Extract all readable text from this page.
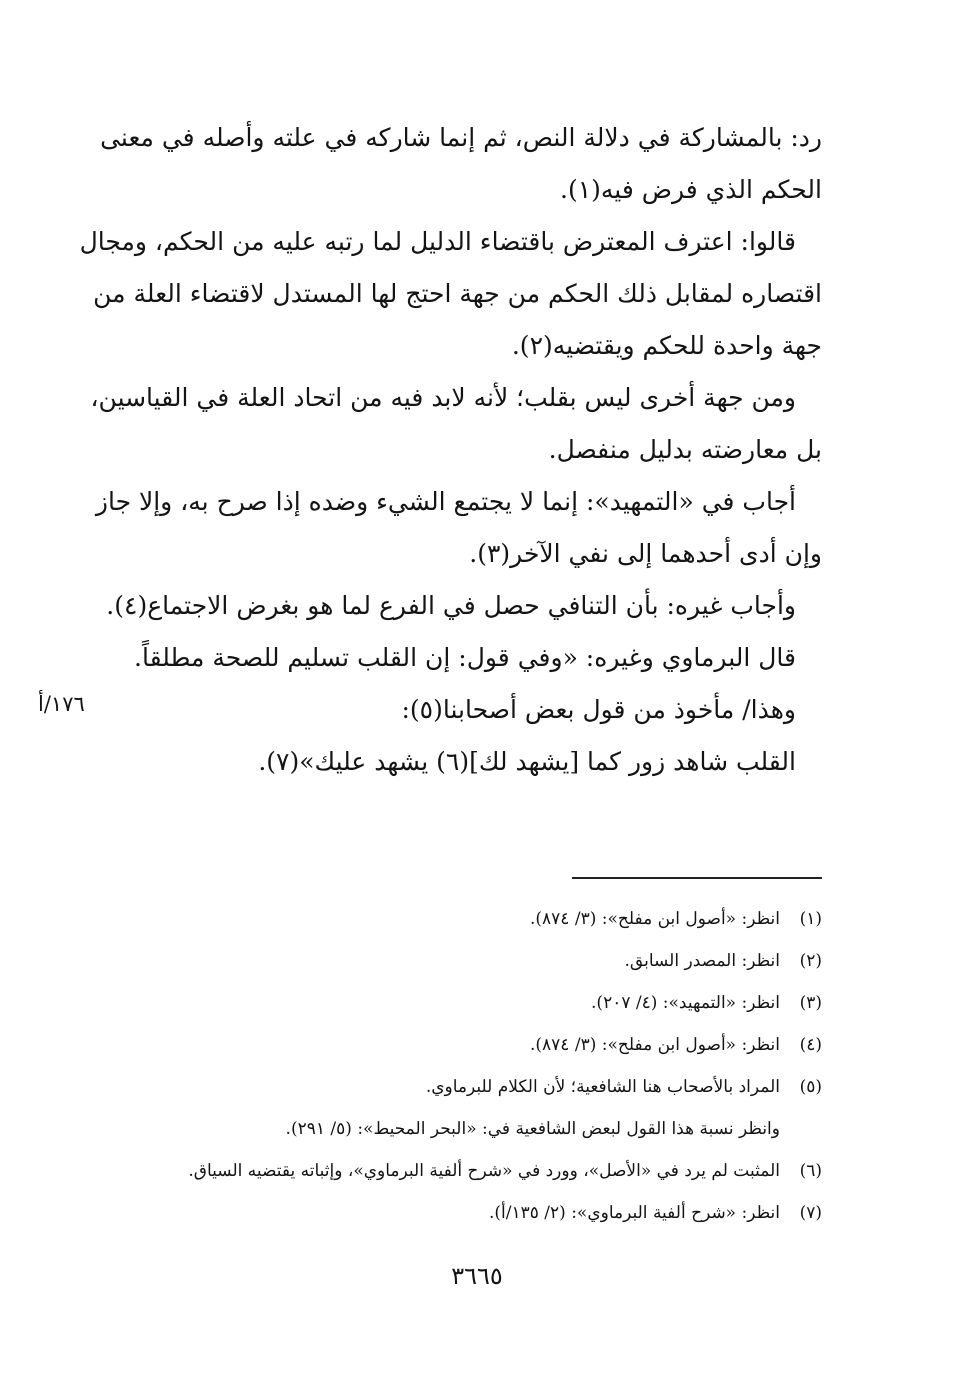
رد: بالمشاركة في دلالة النص، ثم إنما شاركه في علته وأصله في معنى
الحكم الذي فرض فيه(١).

قالوا: اعترف المعترض باقتضاء الدليل لما رتبه عليه من الحكم، ومجال
اقتصاره لمقابل ذلك الحكم من جهة احتج لها المستدل لاقتضاء العلة من
جهة واحدة للحكم ويقتضيه(٢).

ومن جهة أخرى ليس بقلب؛ لأنه لابد فيه من اتحاد العلة في القياسين،
بل معارضته بدليل منفصل.

أجاب في «التمهيد»: إنما لا يجتمع الشيء وضده إذا صرح به، وإلا جاز
وإن أدى أحدهما إلى نفي الآخر(٣).

وأجاب غيره: بأن التنافي حصل في الفرع لما هو بغرض الاجتماع(٤).

قال البرماوي وغيره: «وفي قول: إن القلب تسليم للصحة مطلقاً.
وهذا/ مأخوذ من قول بعض أصحابنا(٥):
القلب شاهد زور كما [يشهد لك](٦) يشهد عليك»(٧).

١٧٦/أ
(١)
انظر: «أصول ابن مفلح»: (٣/ ٨٧٤).
(٢)
انظر: المصدر السابق.
(٣)
انظر: «التمهيد»: (٤/ ٢٠٧).
(٤)
انظر: «أصول ابن مفلح»: (٣/ ٨٧٤).
(٥)
المراد بالأصحاب هنا الشافعية؛ لأن الكلام للبرماوي.
وانظر نسبة هذا القول لبعض الشافعية في: «البحر المحيط»: (٥/ ٢٩١).
(٦)
المثبت لم يرد في «الأصل»، وورد في «شرح ألفية البرماوي»، وإثباته يقتضيه السياق.
(٧)
انظر: «شرح ألفية البرماوي»: (٢/ ١٣٥/أ).
٣٦٦٥
